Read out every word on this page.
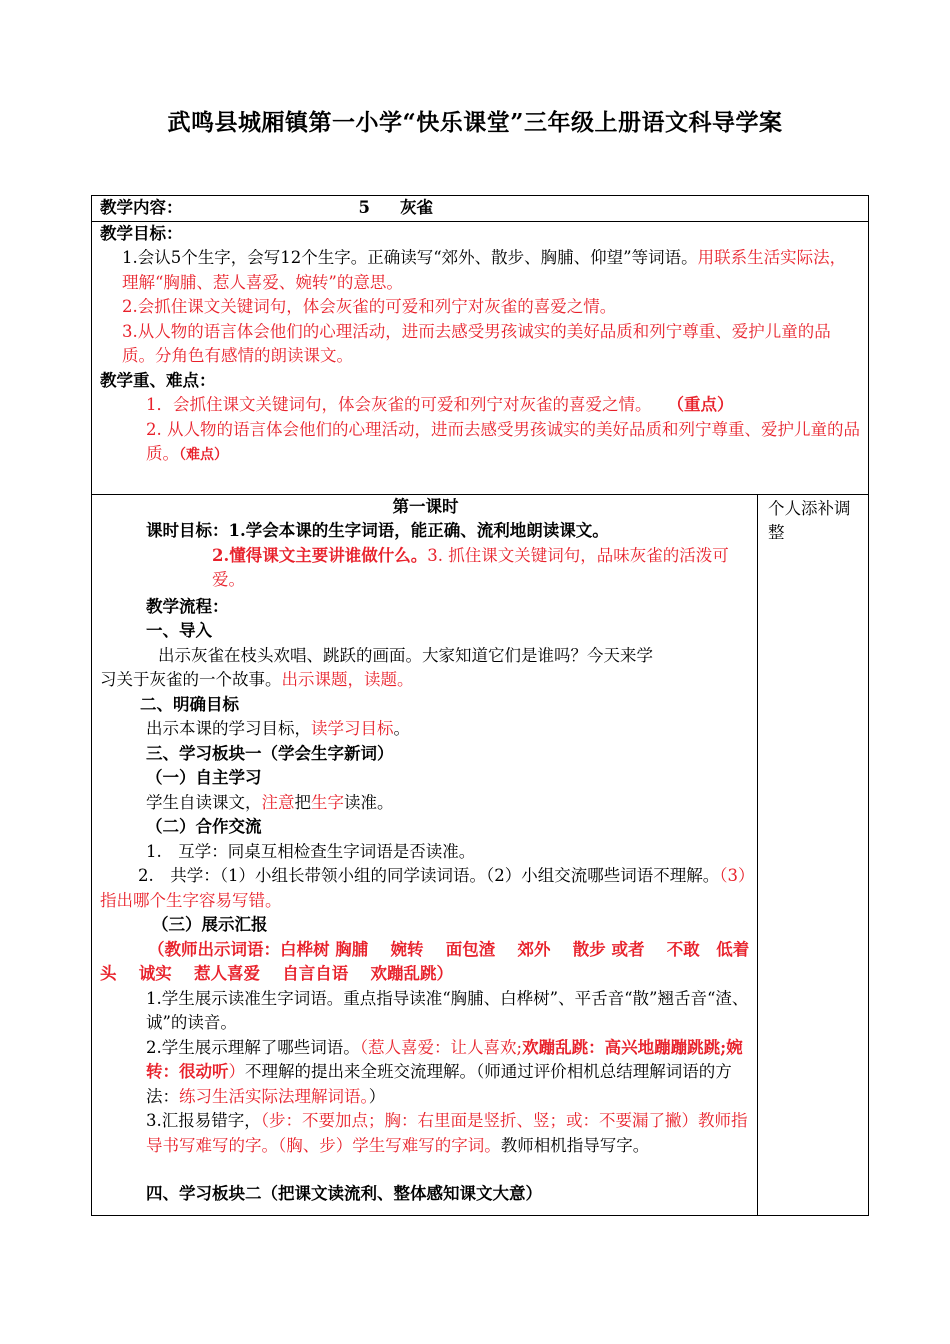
武鸣县城厢镇第一小学“快乐课堂”三年级上册语文科导学案
教学内容：	5 灰雀

教学目标：

1.会认5个生字，会写12个生字。正确读写“郊外、散步、胸脯、仰望”等词语。用联系生活实际法，理解“胸脯、惹人喜爱、婉转”的意思。

2.会抓住课文关键词句，体会灰雀的可爱和列宁对灰雀的喜爱之情。

3.从人物的语言体会他们的心理活动，进而去感受男孩诚实的美好品质和列宁尊重、爱护儿童的品质。分角色有感情的朗读课文。

教学重、难点：

1．会抓住课文关键词句，体会灰雀的可爱和列宁对灰雀的喜爱之情。 （重点）

2. 从人物的语言体会他们的心理活动，进而去感受男孩诚实的美好品质和列宁尊重、爱护儿童的品质。（难点）

第一课时

课时目标：1.学会本课的生字词语，能正确、流利地朗读课文。

2.懂得课文主要讲谁做什么。3. 抓住课文关键词句，品味灰雀的活泼可爱。

教学流程：

一、导入

出示灰雀在枝头欢唱、跳跃的画面。大家知道它们是谁吗？今天来学

习关于灰雀的一个故事。出示课题，读题。

二、明确目标

出示本课的学习目标，读学习目标。

三、学习板块一（学会生字新词）

（一）自主学习

学生自读课文，注意把生字读准。

（二）合作交流

1.　互学：同桌互相检查生字词语是否读准。

2.　共学：（1）小组长带领小组的同学读词语。（2）小组交流哪些词语不理解。（3）指出哪个生字容易写错。

（三）展示汇报

（教师出示词语：白桦树 胸脯　 婉转　 面包渣　 郊外　 散步 或者　 不敢　低着头　 诚实　 惹人喜爱　 自言自语　 欢蹦乱跳）

1.学生展示读准生字词语。重点指导读准“胸脯、白桦树”、平舌音“散”翘舌音“渣、诚”的读音。

2.学生展示理解了哪些词语。（惹人喜爱：让人喜欢;欢蹦乱跳：高兴地蹦蹦跳跳;婉转：很动听）不理解的提出来全班交流理解。（师通过评价相机总结理解词语的方法：练习生活实际法理解词语。）

3.汇报易错字，（步：不要加点；胸：右里面是竖折、竖；或：不要漏了撇）教师指导书写难写的字。（胸、步）学生写难写的字词。教师相机指导写字。

四、学习板块二（把课文读流利、整体感知课文大意）

	个人添补调整
